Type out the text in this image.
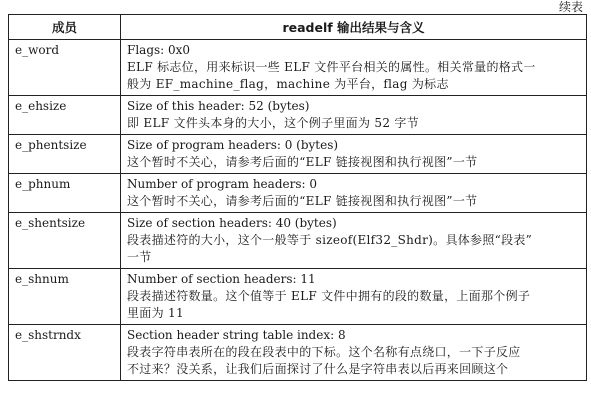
续表
成员	readelf 输出结果与含义
e_word	Flags: 0x0
ELF 标志位，用来标识一些 ELF 文件平台相关的属性。相关常量的格式一
般为 EF_machine_flag，machine 为平台，flag 为标志

e_ehsize	Size of this header: 52 (bytes)
即 ELF 文件头本身的大小，这个例子里面为 52 字节

e_phentsize	Size of program headers: 0 (bytes)
这个暂时不关心，请参考后面的“ELF 链接视图和执行视图”一节

e_phnum	Number of program headers: 0
这个暂时不关心，请参考后面的“ELF 链接视图和执行视图”一节

e_shentsize	Size of section headers: 40 (bytes)
段表描述符的大小，这个一般等于 sizeof(Elf32_Shdr)。具体参照“段表”
一节

e_shnum	Number of section headers: 11
段表描述符数量。这个值等于 ELF 文件中拥有的段的数量，上面那个例子
里面为 11

e_shstrndx	Section header string table index: 8
段表字符串表所在的段在段表中的下标。这个名称有点绕口，一下子反应
不过来？没关系，让我们后面探讨了什么是字符串表以后再来回顾这个
